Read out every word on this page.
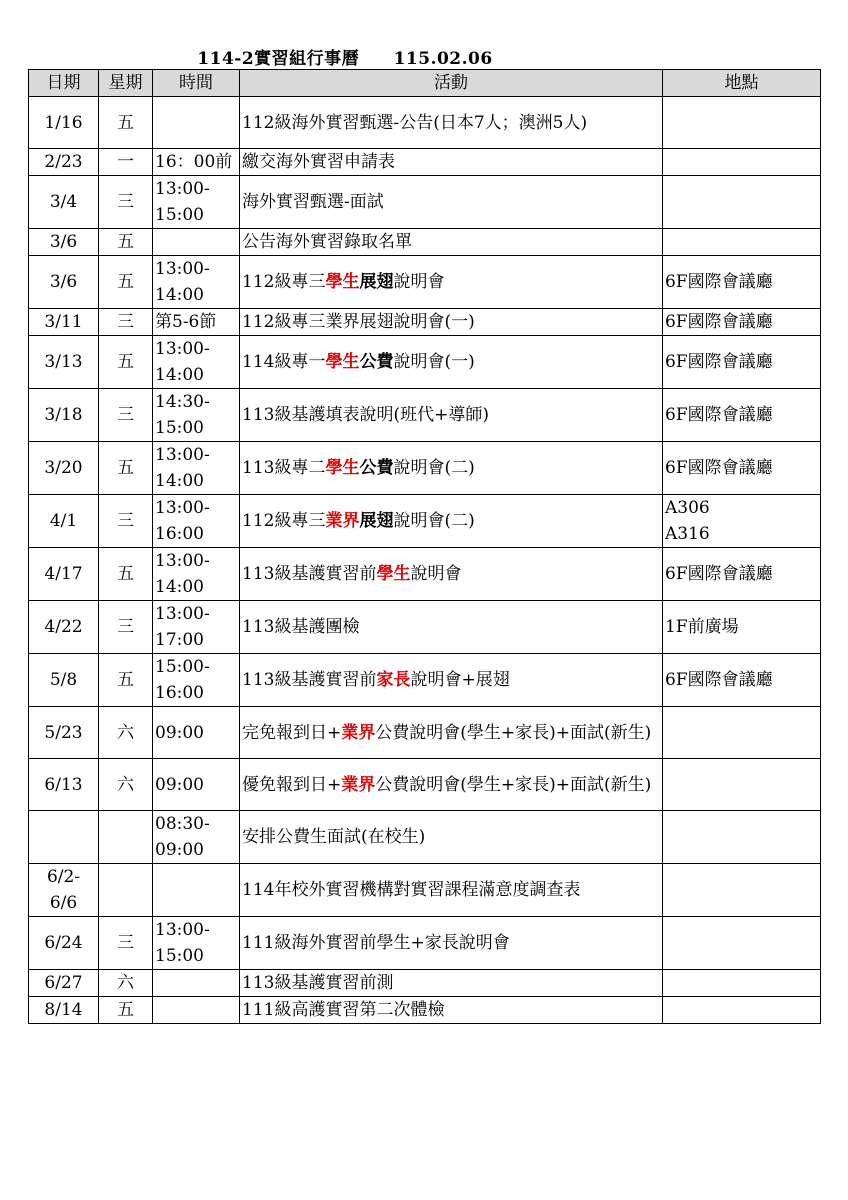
114-2實習組行事曆 115.02.06
日期	星期	時間	活動	地點
1/16	五		112級海外實習甄選-公告(日本7人；澳洲5人)	
2/23	一	16：00前	繳交海外實習申請表	
3/4	三	13:00-
15:00	海外實習甄選-面試	
3/6	五		公告海外實習錄取名單	
3/6	五	13:00-
14:00	112級專三學生展翅說明會	6F國際會議廳
3/11	三	第5-6節	112級專三業界展翅說明會(一)	6F國際會議廳
3/13	五	13:00-
14:00	114級專一學生公費說明會(一)	6F國際會議廳
3/18	三	14:30-
15:00	113級基護填表說明(班代+導師)	6F國際會議廳
3/20	五	13:00-
14:00	113級專二學生公費說明會(二)	6F國際會議廳
4/1	三	13:00-
16:00	112級專三業界展翅說明會(二)	A306
A316
4/17	五	13:00-
14:00	113級基護實習前學生說明會	6F國際會議廳
4/22	三	13:00-
17:00	113級基護團檢	1F前廣場
5/8	五	15:00-
16:00	113級基護實習前家長說明會+展翅	6F國際會議廳
5/23	六	09:00	完免報到日+業界公費說明會(學生+家長)+面試(新生)	
6/13	六	09:00	優免報到日+業界公費說明會(學生+家長)+面試(新生)	
		08:30-
09:00	安排公費生面試(在校生)	
6/2-
6/6			114年校外實習機構對實習課程滿意度調查表	
6/24	三	13:00-
15:00	111級海外實習前學生+家長說明會	
6/27	六		113級基護實習前測	
8/14	五		111級高護實習第二次體檢	
